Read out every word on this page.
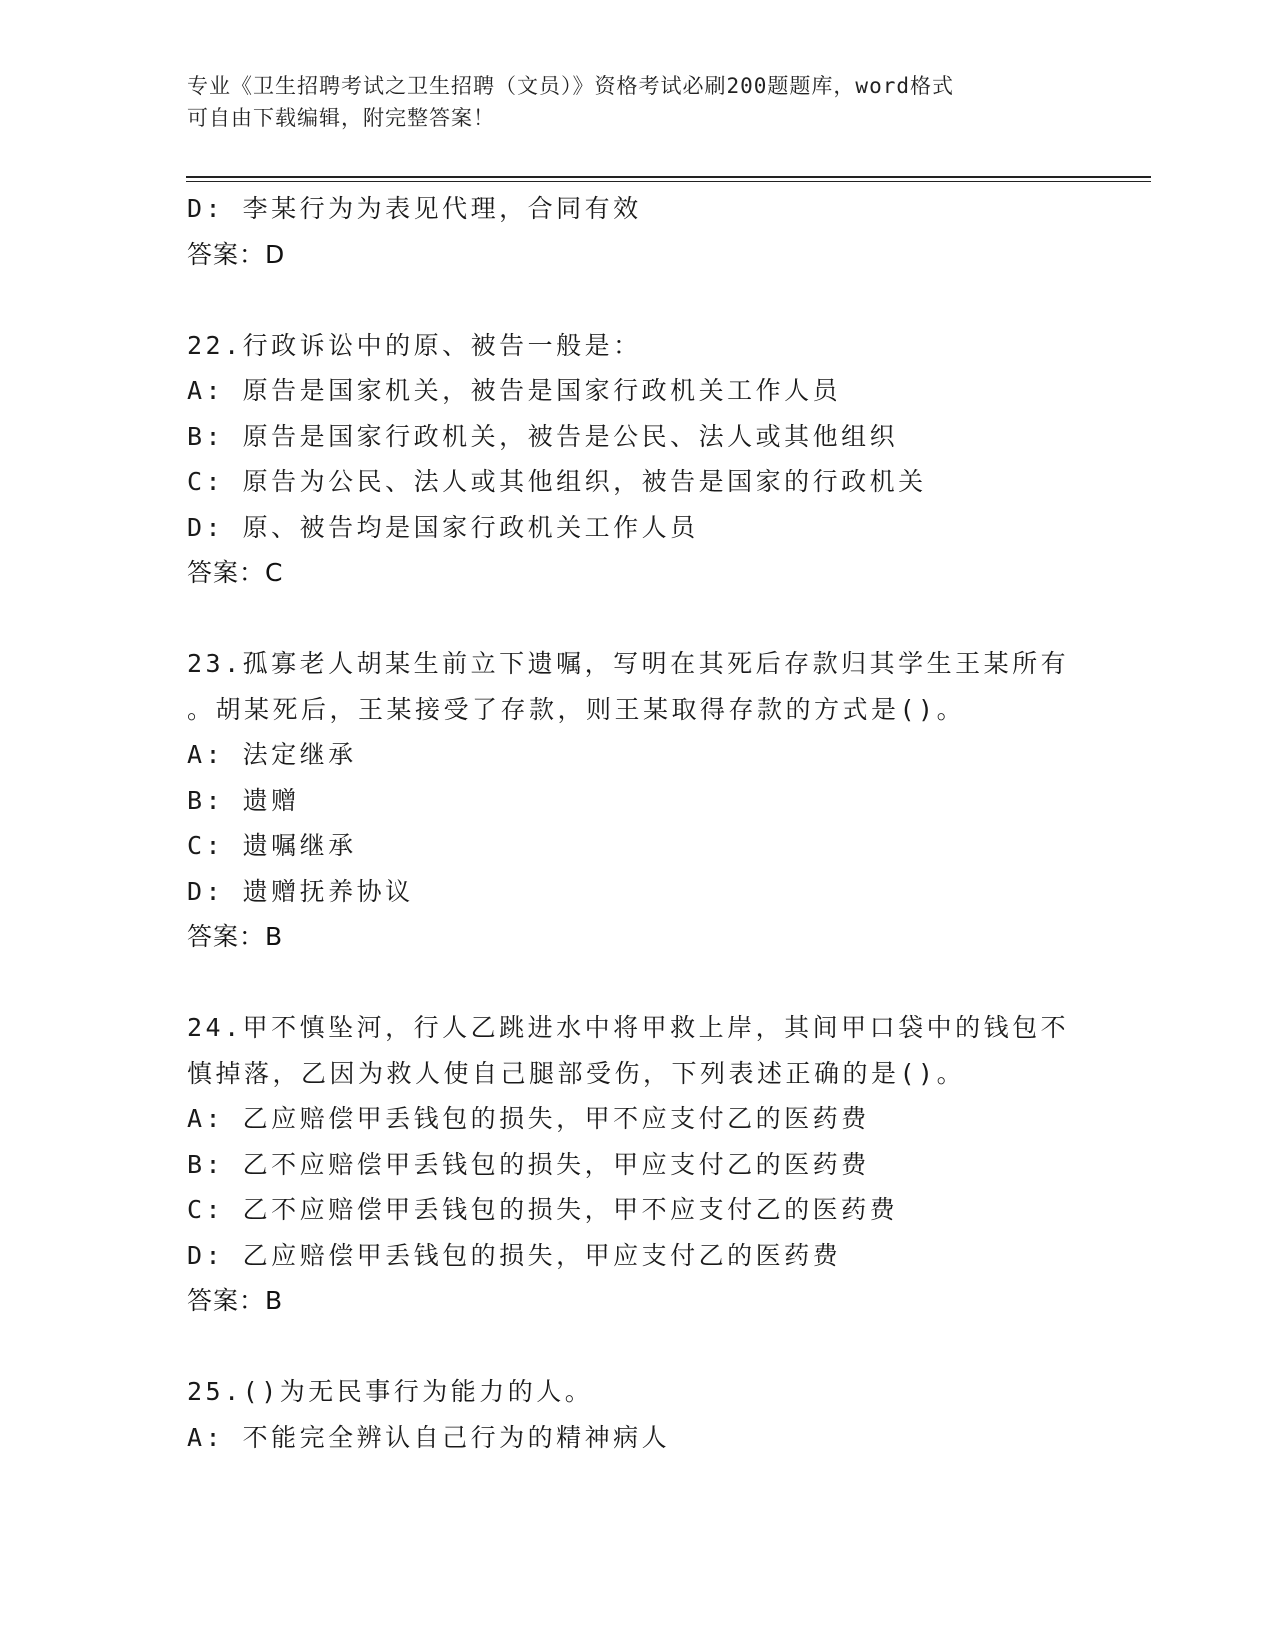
专业《卫生招聘考试之卫生招聘（文员）》资格考试必刷200题题库，word格式
可自由下载编辑，附完整答案！
D: 李某行为为表见代理，合同有效
答案：D
22.行政诉讼中的原、被告一般是：
A: 原告是国家机关，被告是国家行政机关工作人员
B: 原告是国家行政机关，被告是公民、法人或其他组织
C: 原告为公民、法人或其他组织，被告是国家的行政机关
D: 原、被告均是国家行政机关工作人员
答案：C
23.孤寡老人胡某生前立下遗嘱，写明在其死后存款归其学生王某所有
。胡某死后，王某接受了存款，则王某取得存款的方式是()。
A: 法定继承
B: 遗赠
C: 遗嘱继承
D: 遗赠抚养协议
答案：B
24.甲不慎坠河，行人乙跳进水中将甲救上岸，其间甲口袋中的钱包不
慎掉落，乙因为救人使自己腿部受伤，下列表述正确的是()。
A: 乙应赔偿甲丢钱包的损失，甲不应支付乙的医药费
B: 乙不应赔偿甲丢钱包的损失，甲应支付乙的医药费
C: 乙不应赔偿甲丢钱包的损失，甲不应支付乙的医药费
D: 乙应赔偿甲丢钱包的损失，甲应支付乙的医药费
答案：B
25.()为无民事行为能力的人。
A: 不能完全辨认自己行为的精神病人
